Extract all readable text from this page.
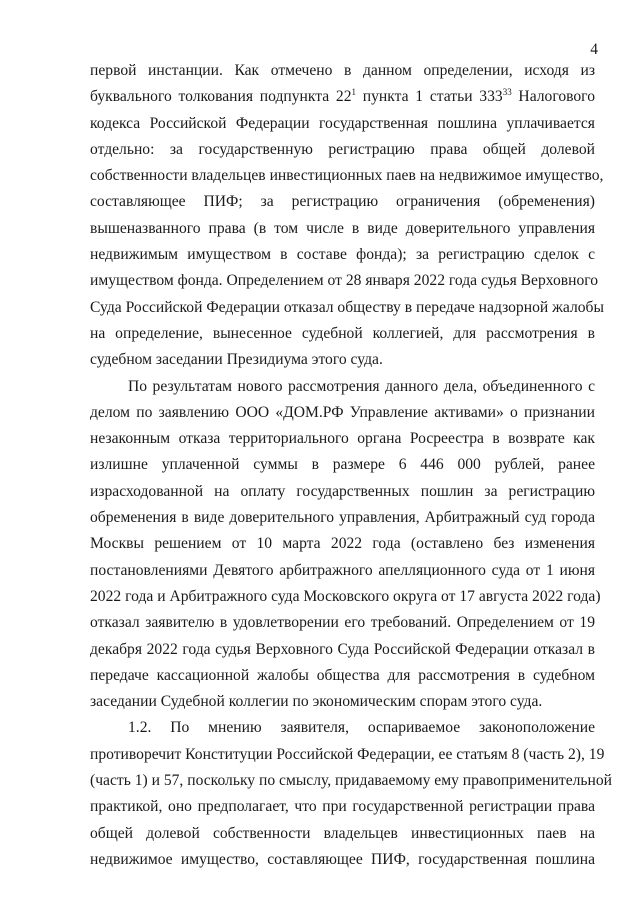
4
первой инстанции. Как отмечено в данном определении, исходя из
буквального толкования подпункта $22^1$ пункта 1 статьи $333^{33}$ Налогового
кодекса Российской Федерации государственная пошлина уплачивается
отдельно: за государственную регистрацию права общей долевой
собственности владельцев инвестиционных паев на недвижимое имущество,
составляющее ПИФ; за регистрацию ограничения (обременения)
вышеназванного права (в том числе в виде доверительного управления
недвижимым имуществом в составе фонда); за регистрацию сделок с
имуществом фонда. Определением от 28 января 2022 года судья Верховного
Суда Российской Федерации отказал обществу в передаче надзорной жалобы
на определение, вынесенное судебной коллегией, для рассмотрения в
судебном заседании Президиума этого суда.
По результатам нового рассмотрения данного дела, объединенного с
делом по заявлению ООО «ДОМ.РФ Управление активами» о признании
незаконным отказа территориального органа Росреестра в возврате как
излишне уплаченной суммы в размере 6 446 000 рублей, ранее
израсходованной на оплату государственных пошлин за регистрацию
обременения в виде доверительного управления, Арбитражный суд города
Москвы решением от 10 марта 2022 года (оставлено без изменения
постановлениями Девятого арбитражного апелляционного суда от 1 июня
2022 года и Арбитражного суда Московского округа от 17 августа 2022 года)
отказал заявителю в удовлетворении его требований. Определением от 19
декабря 2022 года судья Верховного Суда Российской Федерации отказал в
передаче кассационной жалобы общества для рассмотрения в судебном
заседании Судебной коллегии по экономическим спорам этого суда.
1.2. По мнению заявителя, оспариваемое законоположение
противоречит Конституции Российской Федерации, ее статьям 8 (часть 2), 19
(часть 1) и 57, поскольку по смыслу, придаваемому ему правоприменительной
практикой, оно предполагает, что при государственной регистрации права
общей долевой собственности владельцев инвестиционных паев на
недвижимое имущество, составляющее ПИФ, государственная пошлина
